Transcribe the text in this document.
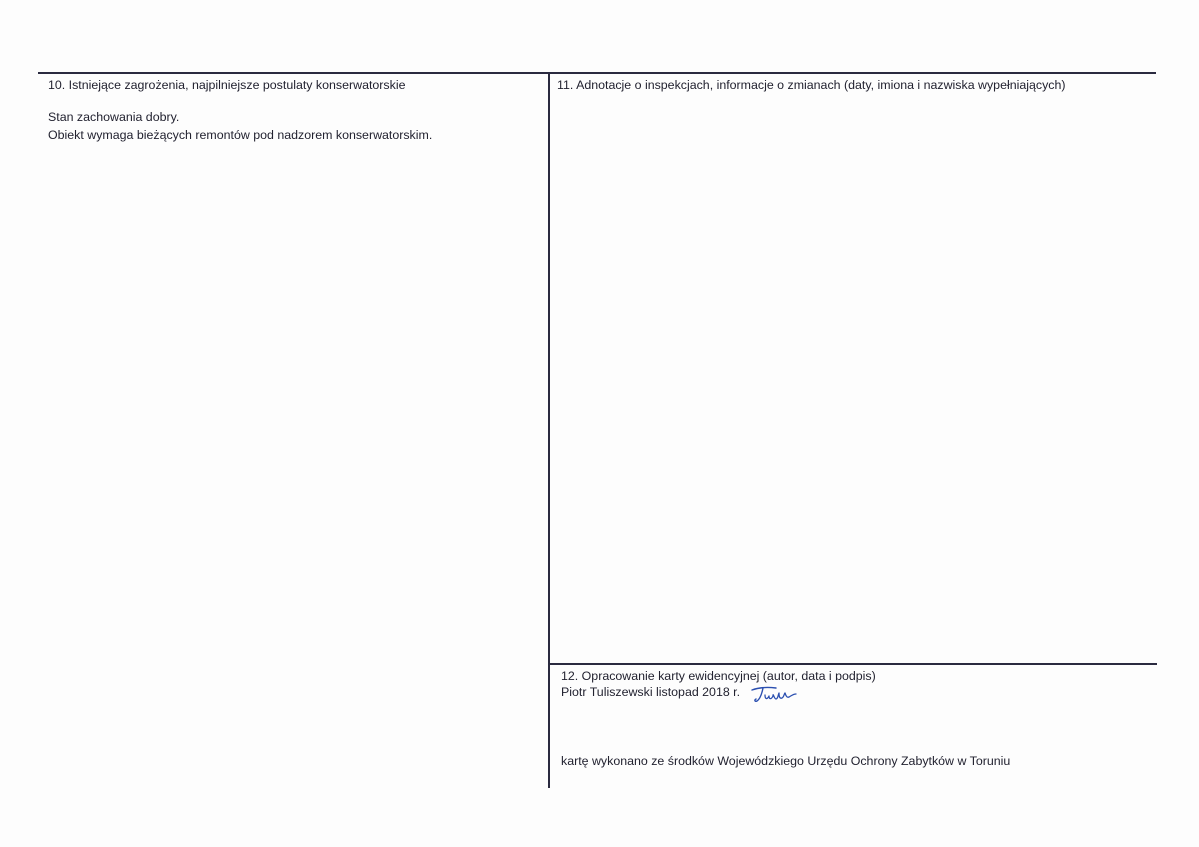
10. Istniejące zagrożenia, najpilniejsze postulaty konserwatorskie
Stan zachowania dobry.
Obiekt wymaga bieżących remontów pod nadzorem konserwatorskim.
11. Adnotacje o inspekcjach, informacje o zmianach (daty, imiona i nazwiska wypełniających)
12. Opracowanie karty ewidencyjnej (autor, data i podpis)
Piotr Tuliszewski listopad 2018 r.
kartę wykonano ze środków Wojewódzkiego Urzędu Ochrony Zabytków w Toruniu
